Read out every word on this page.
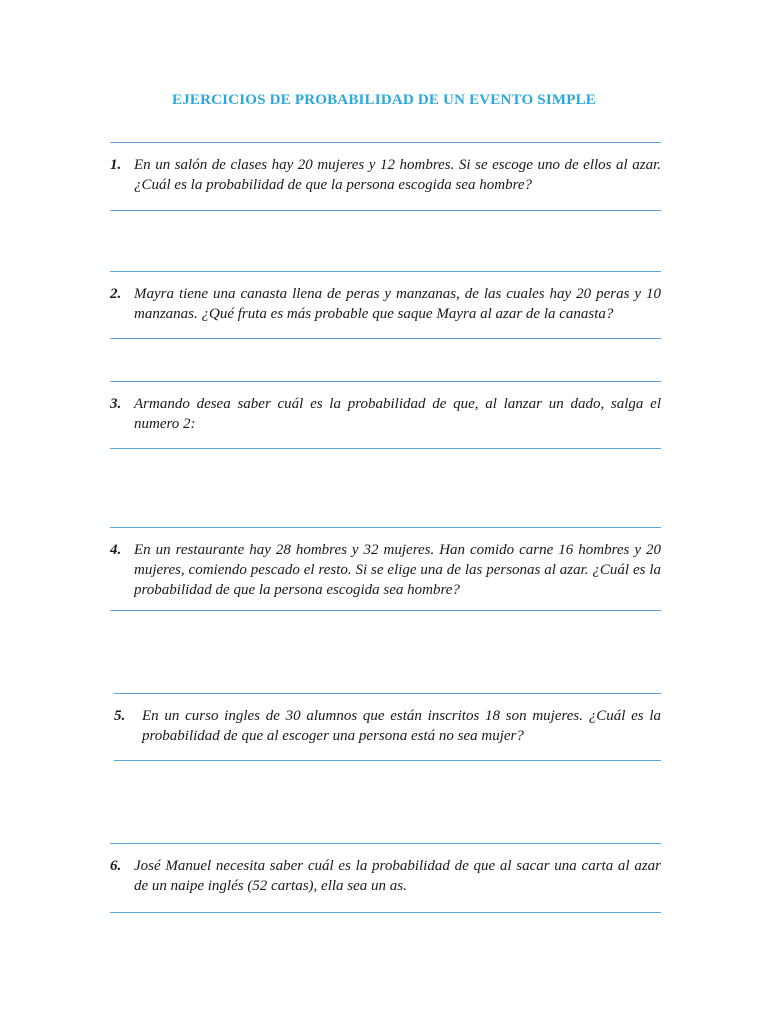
EJERCICIOS DE PROBABILIDAD DE UN EVENTO SIMPLE
1. En un salón de clases hay 20 mujeres y 12 hombres. Si se escoge uno de ellos al azar. ¿Cuál es la probabilidad de que la persona escogida sea hombre?
2. Mayra tiene una canasta llena de peras y manzanas, de las cuales hay 20 peras y 10 manzanas. ¿Qué fruta es más probable que saque Mayra al azar de la canasta?
3. Armando desea saber cuál es la probabilidad de que, al lanzar un dado, salga el numero 2:
4. En un restaurante hay 28 hombres y 32 mujeres. Han comido carne 16 hombres y 20 mujeres, comiendo pescado el resto. Si se elige una de las personas al azar. ¿Cuál es la probabilidad de que la persona escogida sea hombre?
5. En un curso ingles de 30 alumnos que están inscritos 18 son mujeres. ¿Cuál es la probabilidad de que al escoger una persona está no sea mujer?
6. José Manuel necesita saber cuál es la probabilidad de que al sacar una carta al azar de un naipe inglés (52 cartas), ella sea un as.
